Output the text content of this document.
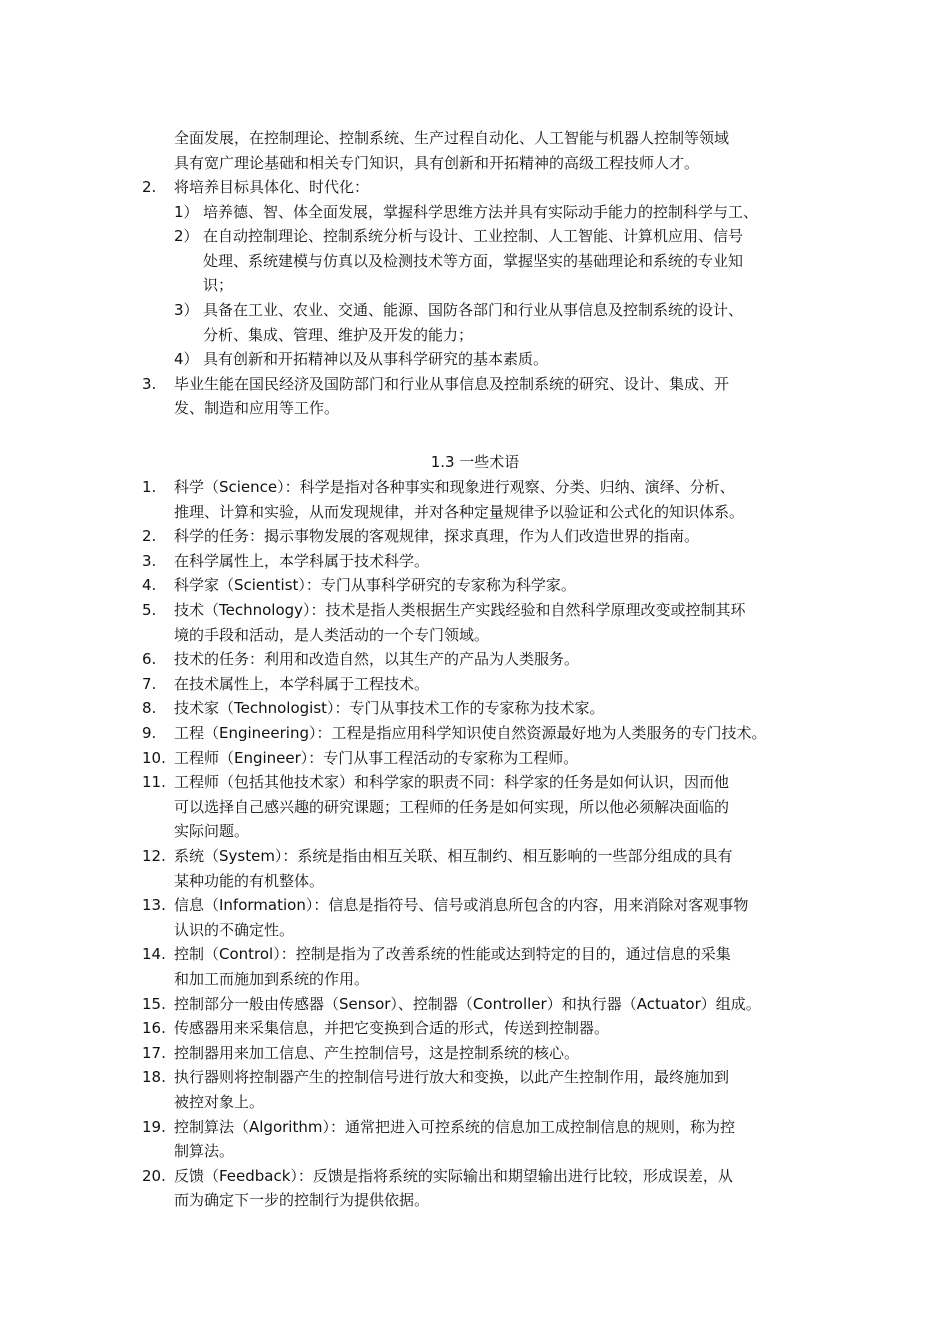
全面发展，在控制理论、控制系统、生产过程自动化、人工智能与机器人控制等领域
具有宽广理论基础和相关专门知识，具有创新和开拓精神的高级工程技师人才。
2.	将培养目标具体化、时代化：
1） 培养德、智、体全面发展，掌握科学思维方法并具有实际动手能力的控制科学与工、
2） 在自动控制理论、控制系统分析与设计、工业控制、人工智能、计算机应用、信号
处理、系统建模与仿真以及检测技术等方面，掌握坚实的基础理论和系统的专业知
识；
3） 具备在工业、农业、交通、能源、国防各部门和行业从事信息及控制系统的设计、
分析、集成、管理、维护及开发的能力；
4） 具有创新和开拓精神以及从事科学研究的基本素质。
3.	毕业生能在国民经济及国防部门和行业从事信息及控制系统的研究、设计、集成、开
发、制造和应用等工作。
1.3 一些术语
1.	科学（Science）：科学是指对各种事实和现象进行观察、分类、归纳、演绎、分析、
推理、计算和实验，从而发现规律，并对各种定量规律予以验证和公式化的知识体系。
2.	科学的任务：揭示事物发展的客观规律，探求真理，作为人们改造世界的指南。
3.	在科学属性上，本学科属于技术科学。
4.	科学家（Scientist）：专门从事科学研究的专家称为科学家。
5.	技术（Technology）：技术是指人类根据生产实践经验和自然科学原理改变或控制其环
境的手段和活动，是人类活动的一个专门领域。
6.	技术的任务：利用和改造自然，以其生产的产品为人类服务。
7.	在技术属性上，本学科属于工程技术。
8.	技术家（Technologist）：专门从事技术工作的专家称为技术家。
9.	工程（Engineering）：工程是指应用科学知识使自然资源最好地为人类服务的专门技术。
10. 工程师（Engineer）：专门从事工程活动的专家称为工程师。
11. 工程师（包括其他技术家）和科学家的职责不同：科学家的任务是如何认识，因而他
可以选择自己感兴趣的研究课题；工程师的任务是如何实现，所以他必须解决面临的
实际问题。
12. 系统（System）：系统是指由相互关联、相互制约、相互影响的一些部分组成的具有
某种功能的有机整体。
13. 信息（Information）：信息是指符号、信号或消息所包含的内容，用来消除对客观事物
认识的不确定性。
14. 控制（Control）：控制是指为了改善系统的性能或达到特定的目的，通过信息的采集
和加工而施加到系统的作用。
15. 控制部分一般由传感器（Sensor）、控制器（Controller）和执行器（Actuator）组成。
16. 传感器用来采集信息，并把它变换到合适的形式，传送到控制器。
17. 控制器用来加工信息、产生控制信号，这是控制系统的核心。
18. 执行器则将控制器产生的控制信号进行放大和变换，以此产生控制作用，最终施加到
被控对象上。
19. 控制算法（Algorithm）：通常把进入可控系统的信息加工成控制信息的规则，称为控
制算法。
20. 反馈（Feedback）：反馈是指将系统的实际输出和期望输出进行比较，形成误差，从
而为确定下一步的控制行为提供依据。
